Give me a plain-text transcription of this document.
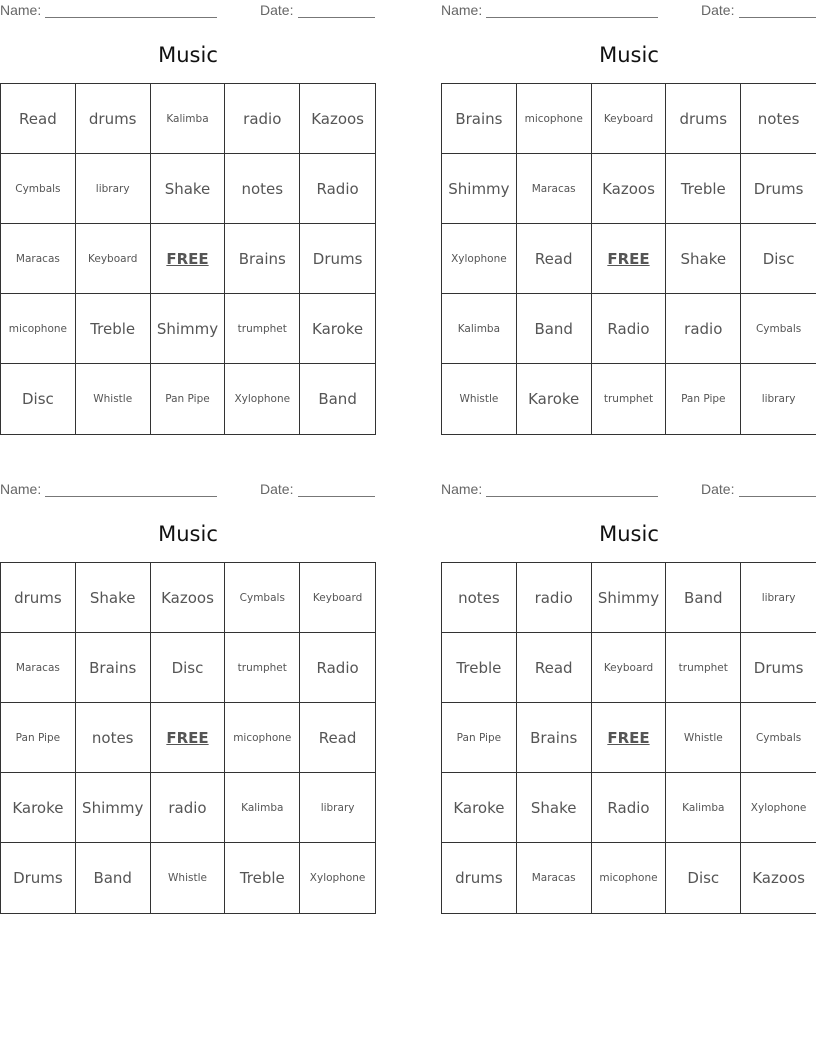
Name:	Date:
Music
Read	drums	Kalimba	radio	Kazoos
Cymbals	library	Shake	notes	Radio
Maracas	Keyboard	FREE	Brains	Drums
micophone	Treble	Shimmy	trumphet	Karoke
Disc	Whistle	Pan Pipe	Xylophone	Band
Name:	Date:
Music
Brains	micophone	Keyboard	drums	notes
Shimmy	Maracas	Kazoos	Treble	Drums
Xylophone	Read	FREE	Shake	Disc
Kalimba	Band	Radio	radio	Cymbals
Whistle	Karoke	trumphet	Pan Pipe	library
Name:	Date:
Music
drums	Shake	Kazoos	Cymbals	Keyboard
Maracas	Brains	Disc	trumphet	Radio
Pan Pipe	notes	FREE	micophone	Read
Karoke	Shimmy	radio	Kalimba	library
Drums	Band	Whistle	Treble	Xylophone
Name:	Date:
Music
notes	radio	Shimmy	Band	library
Treble	Read	Keyboard	trumphet	Drums
Pan Pipe	Brains	FREE	Whistle	Cymbals
Karoke	Shake	Radio	Kalimba	Xylophone
drums	Maracas	micophone	Disc	Kazoos
